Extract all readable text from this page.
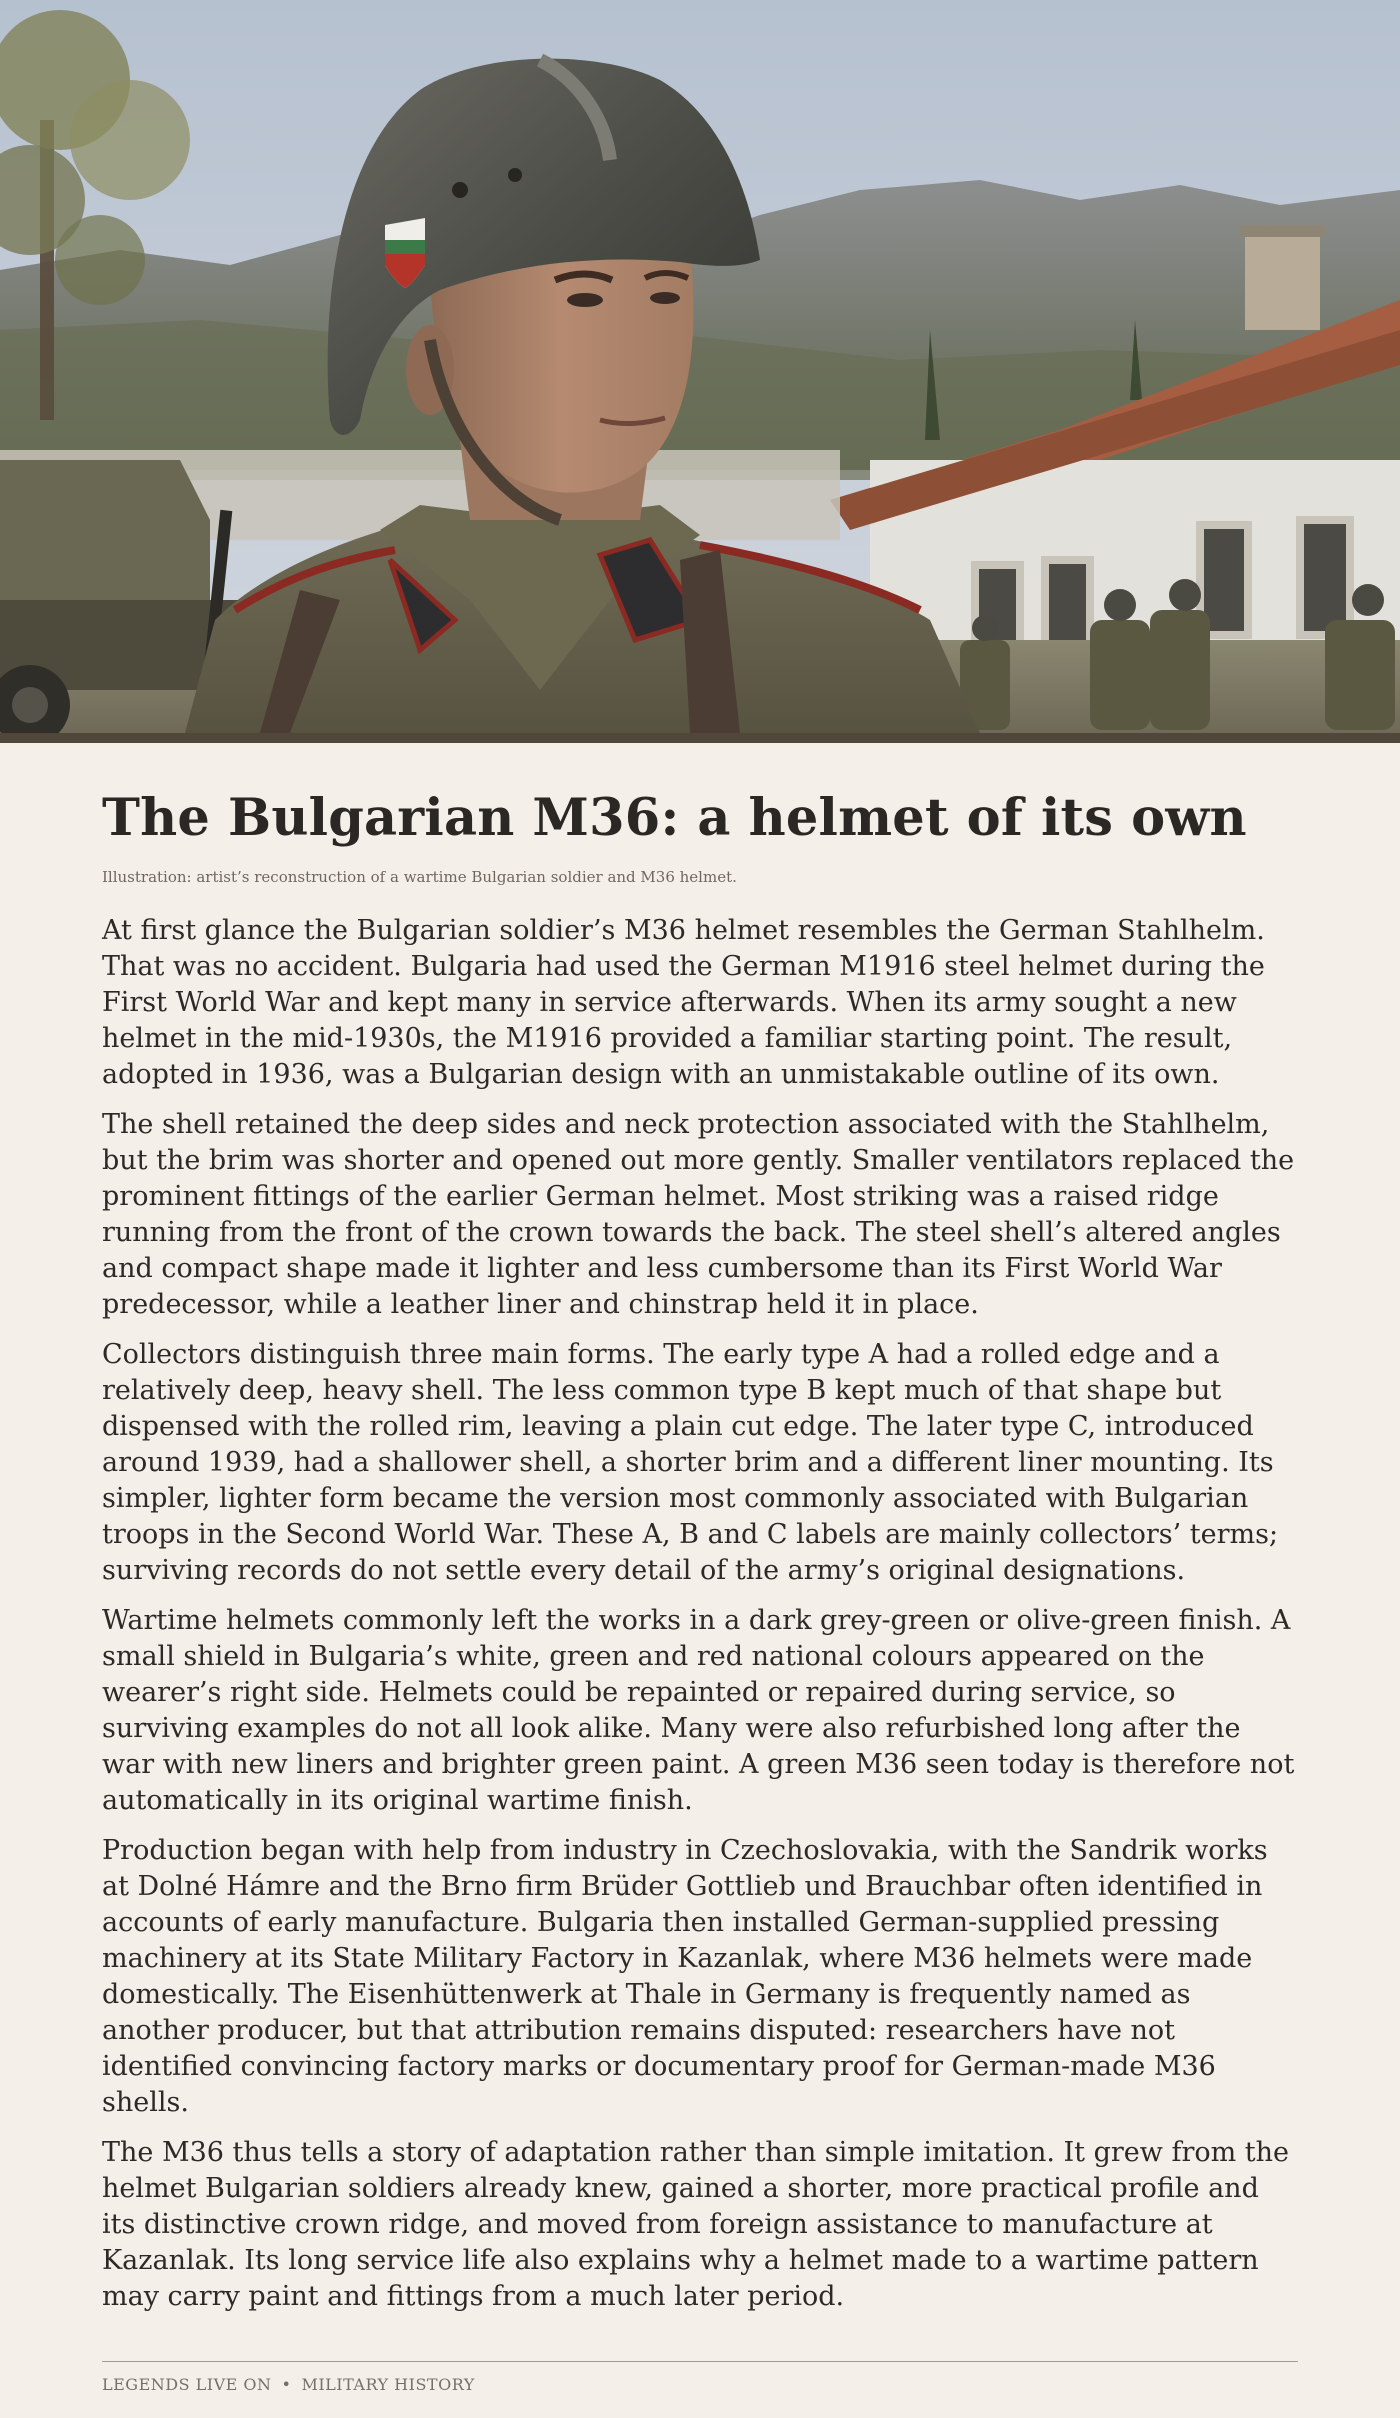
The Bulgarian M36: a helmet of its own

Illustration: artist’s reconstruction of a wartime Bulgarian soldier and M36 helmet.

At first glance the Bulgarian soldier’s M36 helmet resembles the German Stahlhelm. That was no accident. Bulgaria had used the German M1916 steel helmet during the First World War and kept many in service afterwards. When its army sought a new helmet in the mid-1930s, the M1916 provided a familiar starting point. The result, adopted in 1936, was a Bulgarian design with an unmistakable outline of its own.

The shell retained the deep sides and neck protection associated with the Stahlhelm, but the brim was shorter and opened out more gently. Smaller ventilators replaced the prominent fittings of the earlier German helmet. Most striking was a raised ridge running from the front of the crown towards the back. The steel shell’s altered angles and compact shape made it lighter and less cumbersome than its First World War predecessor, while a leather liner and chinstrap held it in place.

Collectors distinguish three main forms. The early type A had a rolled edge and a relatively deep, heavy shell. The less common type B kept much of that shape but dispensed with the rolled rim, leaving a plain cut edge. The later type C, introduced around 1939, had a shallower shell, a shorter brim and a different liner mounting. Its simpler, lighter form became the version most commonly associated with Bulgarian troops in the Second World War. These A, B and C labels are mainly collectors’ terms; surviving records do not settle every detail of the army’s original designations.

Wartime helmets commonly left the works in a dark grey-green or olive-green finish. A small shield in Bulgaria’s white, green and red national colours appeared on the wearer’s right side. Helmets could be repainted or repaired during service, so surviving examples do not all look alike. Many were also refurbished long after the war with new liners and brighter green paint. A green M36 seen today is therefore not automatically in its original wartime finish.

Production began with help from industry in Czechoslovakia, with the Sandrik works at Dolné Hámre and the Brno firm Brüder Gottlieb und Brauchbar often identified in accounts of early manufacture. Bulgaria then installed German-supplied pressing machinery at its State Military Factory in Kazanlak, where M36 helmets were made domestically. The Eisenhüttenwerk at Thale in Germany is frequently named as another producer, but that attribution remains disputed: researchers have not identified convincing factory marks or documentary proof for German-made M36 shells.

The M36 thus tells a story of adaptation rather than simple imitation. It grew from the helmet Bulgarian soldiers already knew, gained a shorter, more practical profile and its distinctive crown ridge, and moved from foreign assistance to manufacture at Kazanlak. Its long service life also explains why a helmet made to a wartime pattern may carry paint and fittings from a much later period.

LEGENDS LIVE ON • MILITARY HISTORY
